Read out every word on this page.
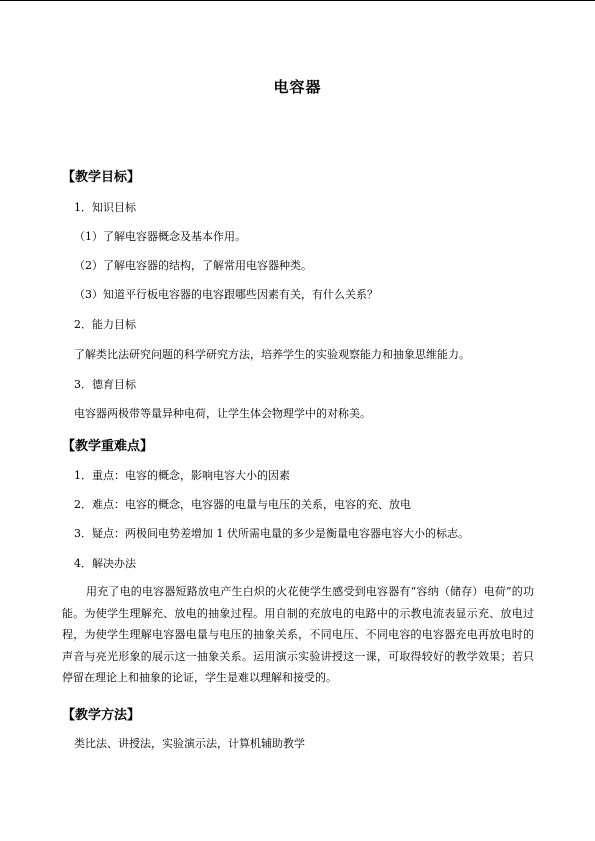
电容器
【教学目标】
1．知识目标
（1）了解电容器概念及基本作用。
（2）了解电容器的结构，了解常用电容器种类。
（3）知道平行板电容器的电容跟哪些因素有关，有什么关系？
2．能力目标
了解类比法研究问题的科学研究方法，培养学生的实验观察能力和抽象思维能力。
3．德育目标
电容器两极带等量异种电荷，让学生体会物理学中的对称美。
【教学重难点】
1．重点：电容的概念，影响电容大小的因素
2．难点：电容的概念，电容器的电量与电压的关系，电容的充、放电
3．疑点：两极间电势差增加 1 伏所需电量的多少是衡量电容器电容大小的标志。
4．解决办法
用充了电的电容器短路放电产生白炽的火花使学生感受到电容器有“容纳（储存）电荷”的功能。为使学生理解充、放电的抽象过程。用自制的充放电的电路中的示教电流表显示充、放电过程，为使学生理解电容器电量与电压的抽象关系，不同电压、不同电容的电容器充电再放电时的声音与亮光形象的展示这一抽象关系。运用演示实验讲授这一课，可取得较好的教学效果；若只停留在理论上和抽象的论证，学生是难以理解和接受的。
【教学方法】
类比法、讲授法，实验演示法，计算机辅助教学
